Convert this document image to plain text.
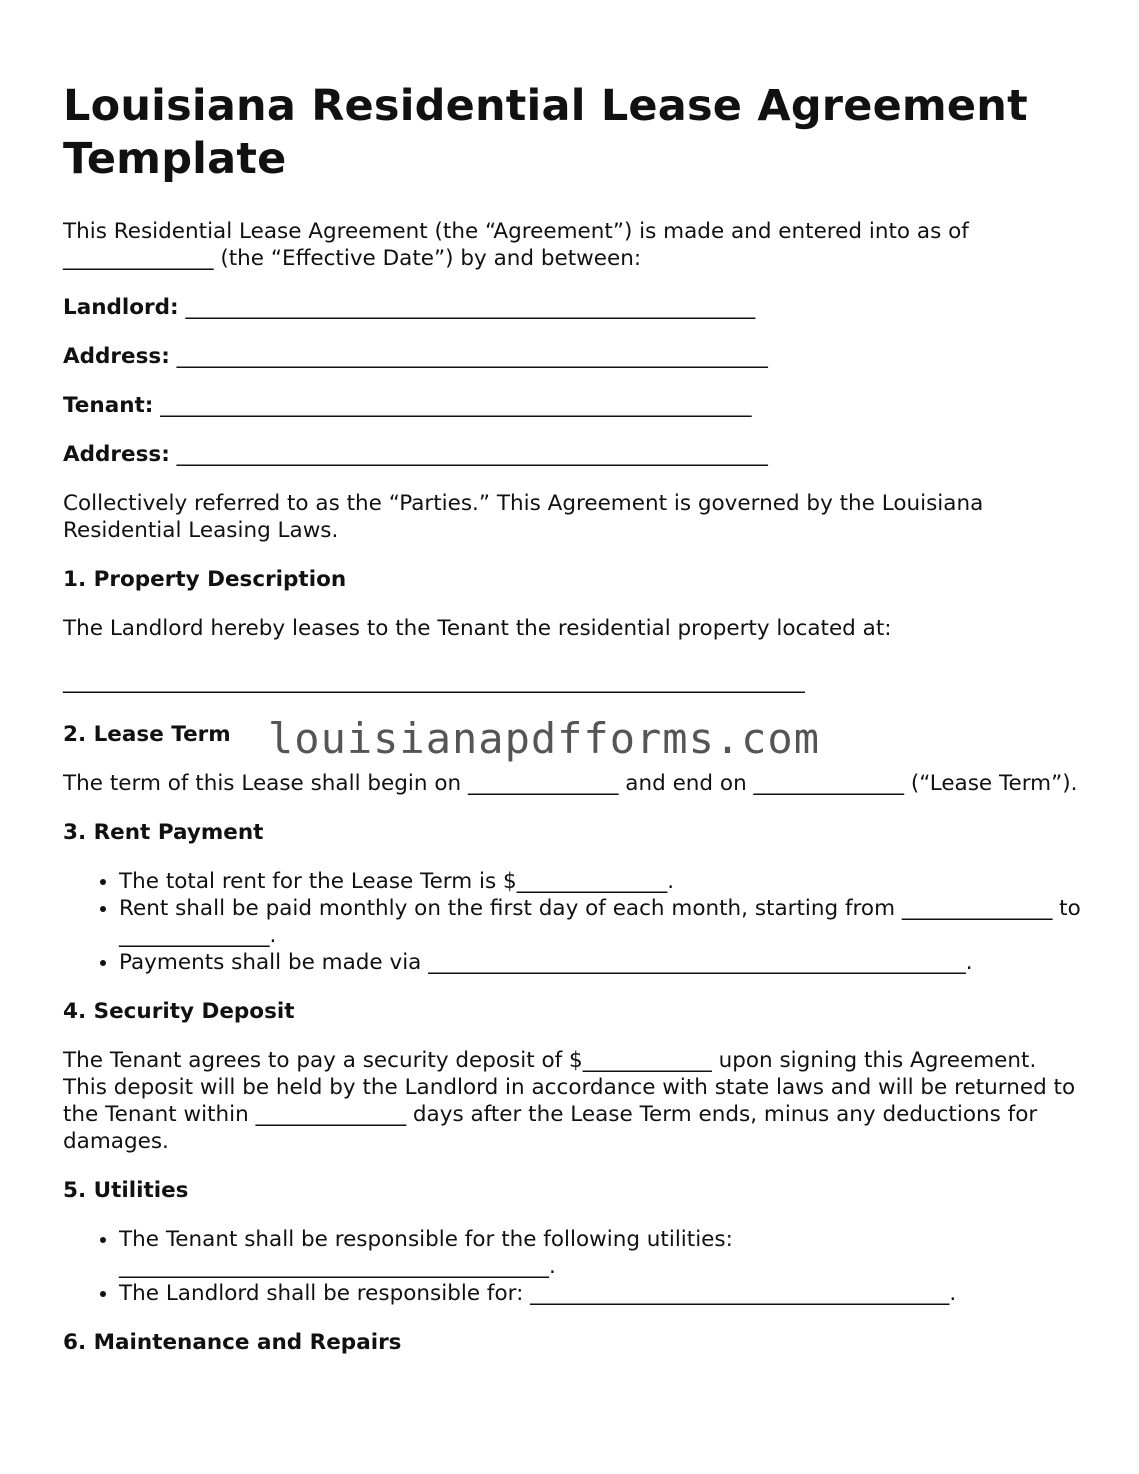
Louisiana Residential Lease Agreement Template

This Residential Lease Agreement (the “Agreement”) is made and entered into as of ______________ (the “Effective Date”) by and between:

Landlord: _____________________________________________________
Address: _______________________________________________________
Tenant: _______________________________________________________
Address: _______________________________________________________

Collectively referred to as the “Parties.” This Agreement is governed by the Louisiana Residential Leasing Laws.

1. Property Description

The Landlord hereby leases to the Tenant the residential property located at:

_____________________________________________________________________
2. Lease Term

The term of this Lease shall begin on ______________ and end on ______________ (“Lease Term”).

3. Rent Payment
• The total rent for the Lease Term is $______________.
• Rent shall be paid monthly on the first day of each month, starting from ______________ to ______________.
• Payments shall be made via __________________________________________________.
4. Security Deposit

The Tenant agrees to pay a security deposit of $____________ upon signing this Agreement. This deposit will be held by the Landlord in accordance with state laws and will be returned to the Tenant within ______________ days after the Lease Term ends, minus any deductions for damages.

5. Utilities
• The Tenant shall be responsible for the following utilities: ________________________________________.
• The Landlord shall be responsible for: _______________________________________.
6. Maintenance and Repairs
louisianapdfforms.com
